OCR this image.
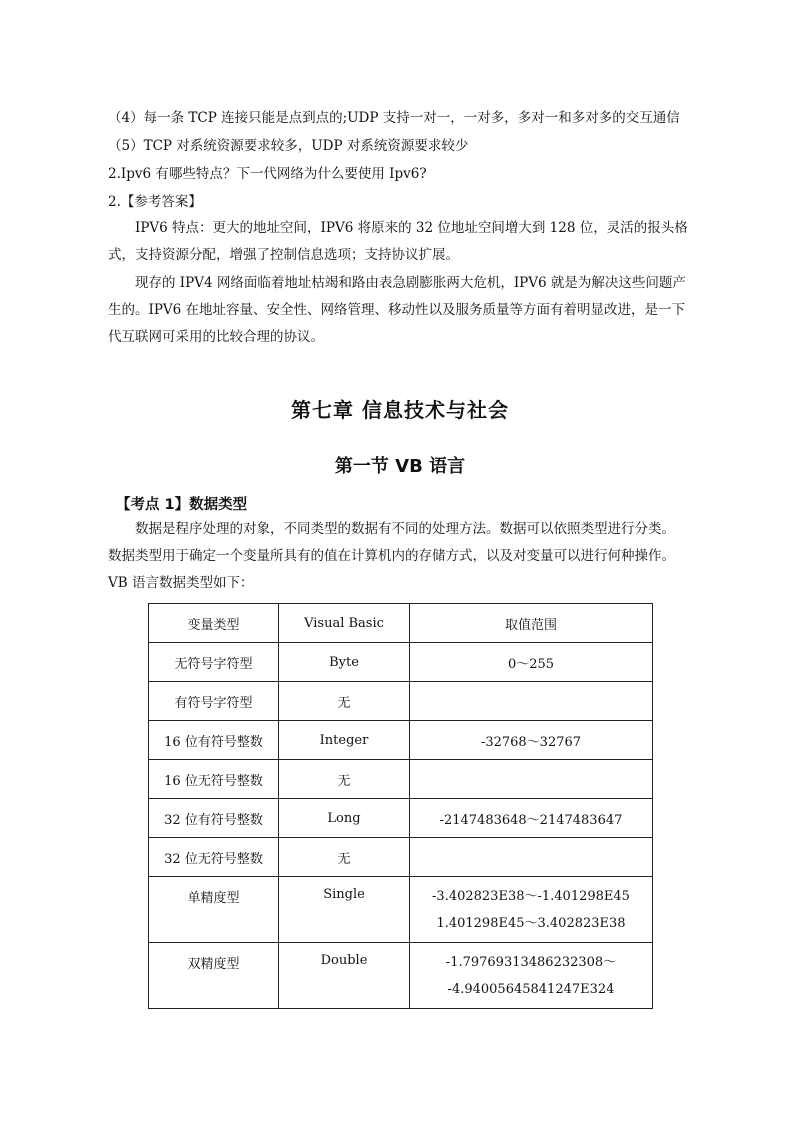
（4）每一条 TCP 连接只能是点到点的;UDP 支持一对一，一对多，多对一和多对多的交互通信
（5）TCP 对系统资源要求较多，UDP 对系统资源要求较少
2.Ipv6 有哪些特点？下一代网络为什么要使用 Ipv6?
2.【参考答案】
IPV6 特点：更大的地址空间，IPV6 将原来的 32 位地址空间增大到 128 位，灵活的报头格式，支持资源分配，增强了控制信息选项；支持协议扩展。
现存的 IPV4 网络面临着地址枯竭和路由表急剧膨胀两大危机，IPV6 就是为解决这些问题产生的。IPV6 在地址容量、安全性、网络管理、移动性以及服务质量等方面有着明显改进，是一下代互联网可采用的比较合理的协议。
第七章 信息技术与社会
第一节 VB 语言
【考点 1】数据类型
数据是程序处理的对象，不同类型的数据有不同的处理方法。数据可以依照类型进行分类。数据类型用于确定一个变量所具有的值在计算机内的存储方式，以及对变量可以进行何种操作。VB 语言数据类型如下：
变量类型	Visual Basic	取值范围
无符号字符型	Byte	0～255
有符号字符型	无	
16 位有符号整数	Integer	-32768～32767
16 位无符号整数	无	
32 位有符号整数	Long	-2147483648～2147483647
32 位无符号整数	无	
单精度型	Single	-3.402823E38～-1.401298E45
1.401298E45～3.402823E38

双精度型	Double	-1.79769313486232308～
-4.94005645841247E324
